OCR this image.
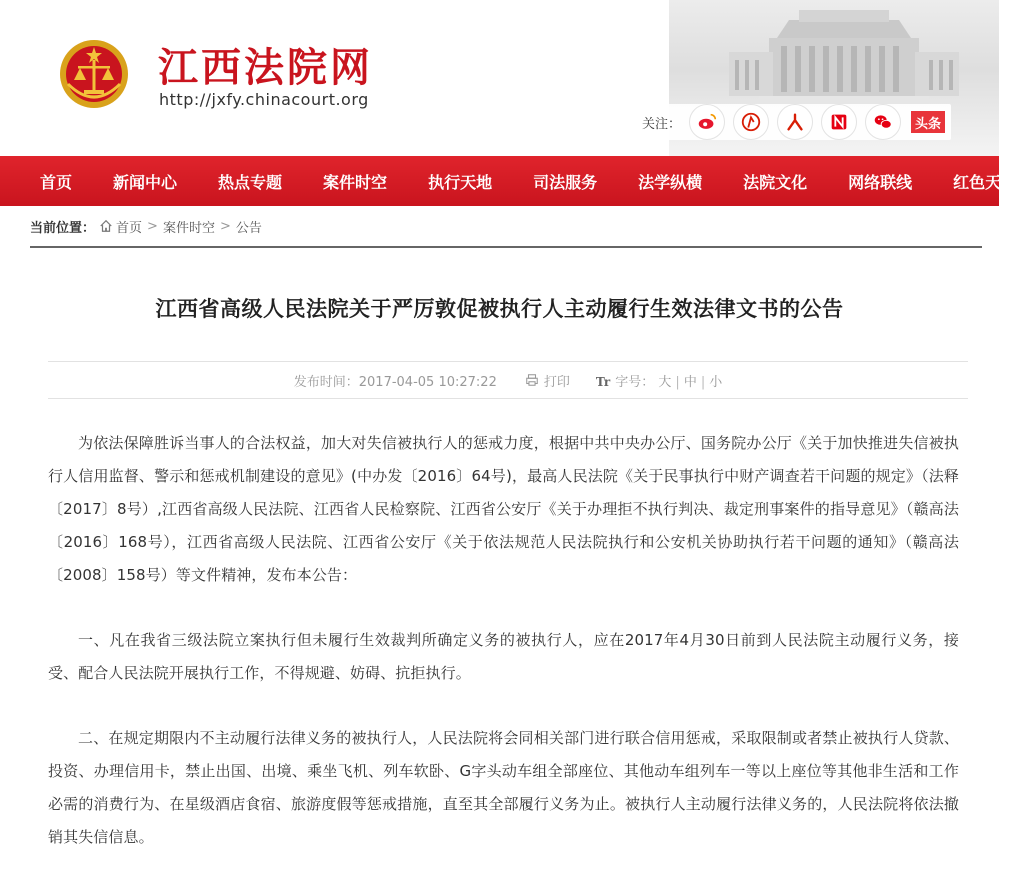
江西法院网
http://jxfy.chinacourt.org
关注：	头条
首页	新闻中心	热点专题	案件时空	执行天地	司法服务	法学纵横	法院文化	网络联线	红色天平
当前位置： 首页 > 案件时空 > 公告
江西省高级人民法院关于严厉敦促被执行人主动履行生效法律文书的公告
发布时间：2017-04-05 10:27:22	打印 Tr 字号： 大 | 中 | 小

为依法保障胜诉当事人的合法权益，加大对失信被执行人的惩戒力度，根据中共中央办公厅、国务院办公厅《关于加快推进失信被执行人信用监督、警示和惩戒机制建设的意见》(中办发〔2016〕64号)，最高人民法院《关于民事执行中财产调查若干问题的规定》（法释〔2017〕8号）,江西省高级人民法院、江西省人民检察院、江西省公安厅《关于办理拒不执行判决、裁定刑事案件的指导意见》（赣高法〔2016〕168号），江西省高级人民法院、江西省公安厅《关于依法规范人民法院执行和公安机关协助执行若干问题的通知》（赣高法〔2008〕158号）等文件精神，发布本公告：

一、凡在我省三级法院立案执行但未履行生效裁判所确定义务的被执行人，应在2017年4月30日前到人民法院主动履行义务，接受、配合人民法院开展执行工作，不得规避、妨碍、抗拒执行。

二、在规定期限内不主动履行法律义务的被执行人，人民法院将会同相关部门进行联合信用惩戒，采取限制或者禁止被执行人贷款、投资、办理信用卡，禁止出国、出境、乘坐飞机、列车软卧、G字头动车组全部座位、其他动车组列车一等以上座位等其他非生活和工作必需的消费行为、在星级酒店食宿、旅游度假等惩戒措施，直至其全部履行义务为止。被执行人主动履行法律义务的，人民法院将依法撤销其失信信息。
